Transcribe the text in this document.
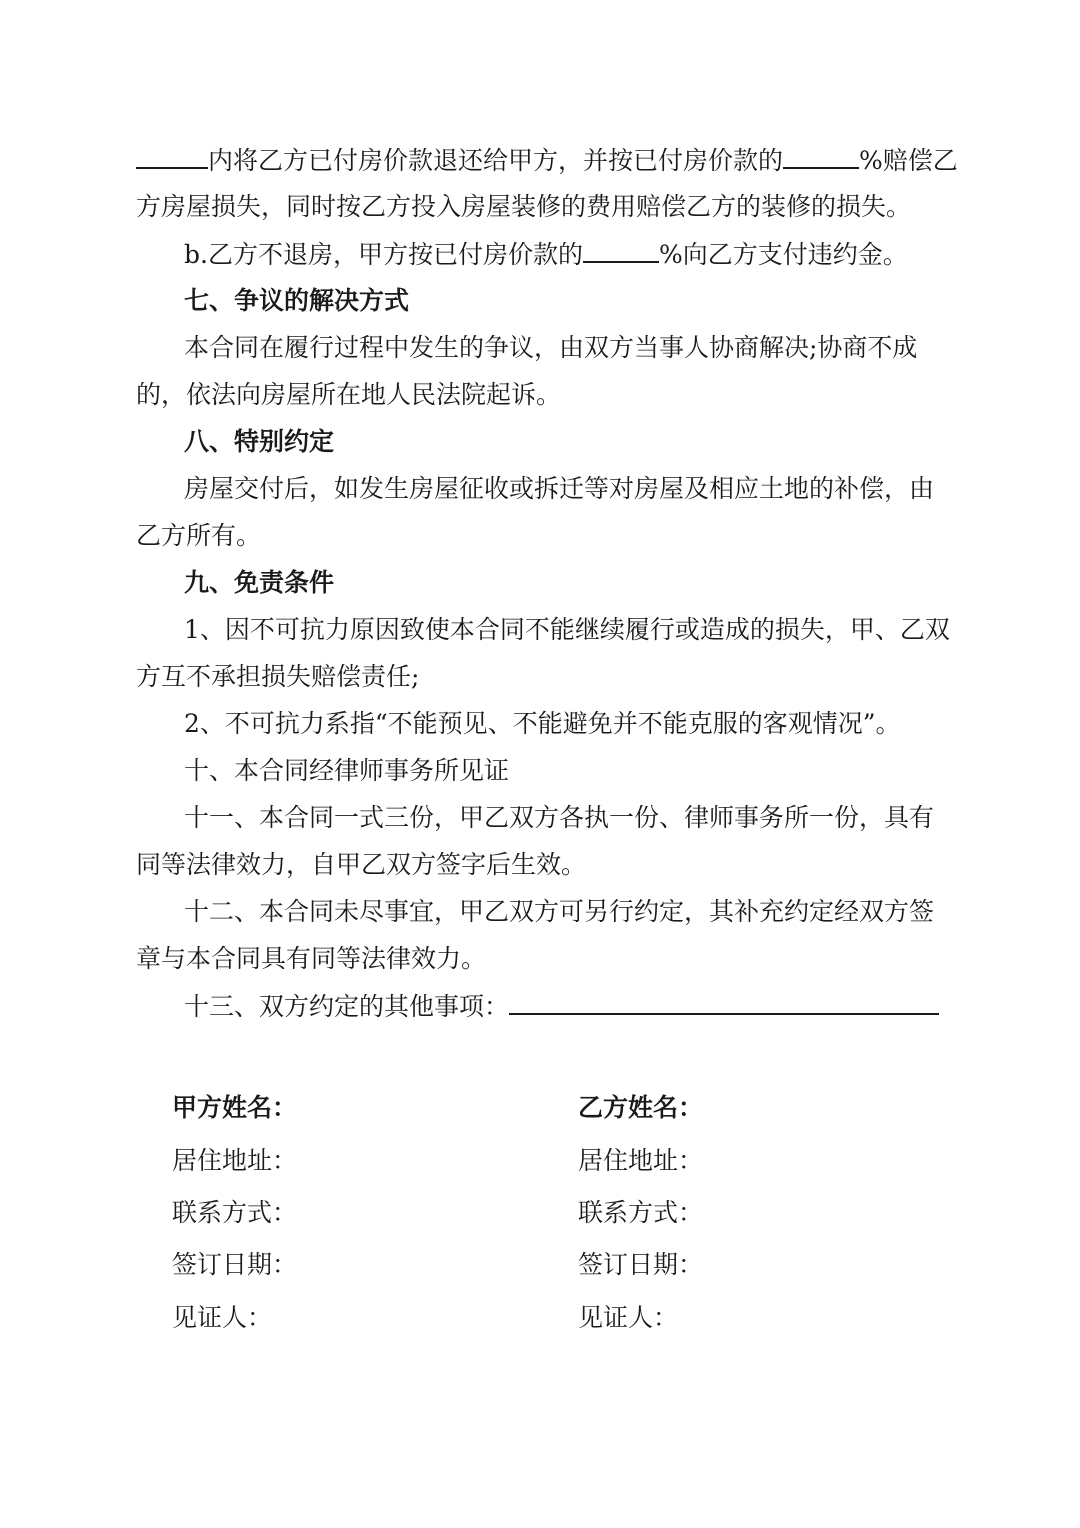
内将乙方已付房价款退还给甲方，并按已付房价款的	%赔偿乙
方房屋损失，同时按乙方投入房屋装修的费用赔偿乙方的装修的损失。
b.乙方不退房，甲方按已付房价款的	%向乙方支付违约金。
七、争议的解决方式
本合同在履行过程中发生的争议，由双方当事人协商解决;协商不成
的，依法向房屋所在地人民法院起诉。
八、特别约定
房屋交付后，如发生房屋征收或拆迁等对房屋及相应土地的补偿，由
乙方所有。
九、免责条件
1、因不可抗力原因致使本合同不能继续履行或造成的损失，甲、乙双
方互不承担损失赔偿责任;
2、不可抗力系指“不能预见、不能避免并不能克服的客观情况”。
十、本合同经律师事务所见证
十一、本合同一式三份，甲乙双方各执一份、律师事务所一份，具有
同等法律效力，自甲乙双方签字后生效。
十二、本合同未尽事宜，甲乙双方可另行约定，其补充约定经双方签
章与本合同具有同等法律效力。
十三、双方约定的其他事项：
甲方姓名：
居住地址：
联系方式：
签订日期：
见证人：
乙方姓名：
居住地址：
联系方式：
签订日期：
见证人：
